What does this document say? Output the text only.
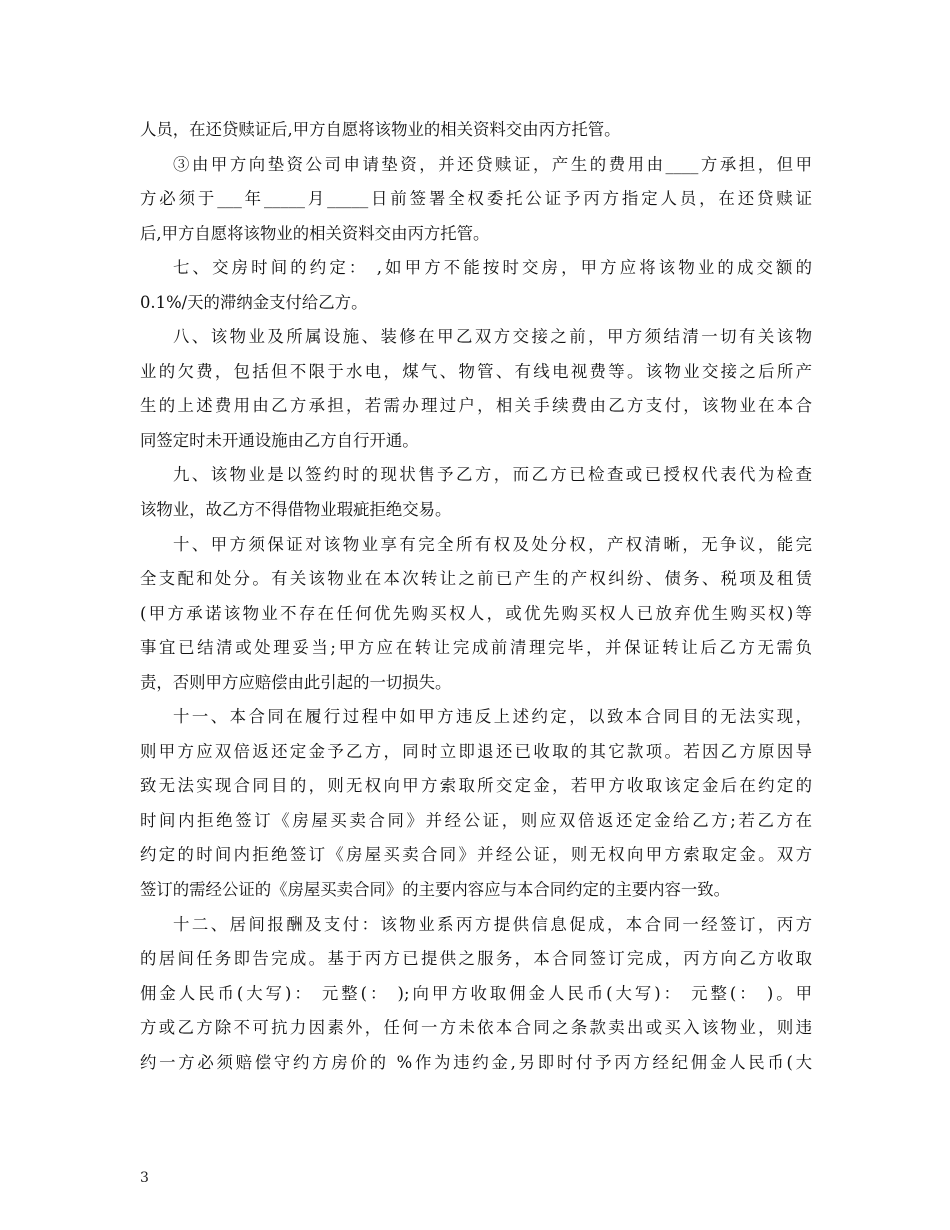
人员，在还贷赎证后,甲方自愿将该物业的相关资料交由丙方托管。
③由甲方向垫资公司申请垫资，并还贷赎证，产生的费用由____方承担，但甲
方必须于___年_____月_____日前签署全权委托公证予丙方指定人员，在还贷赎证
后,甲方自愿将该物业的相关资料交由丙方托管。
七、交房时间的约定： ,如甲方不能按时交房，甲方应将该物业的成交额的
0.1%/天的滞纳金支付给乙方。
八、该物业及所属设施、装修在甲乙双方交接之前，甲方须结清一切有关该物
业的欠费，包括但不限于水电，煤气、物管、有线电视费等。该物业交接之后所产
生的上述费用由乙方承担，若需办理过户，相关手续费由乙方支付，该物业在本合
同签定时未开通设施由乙方自行开通。
九、该物业是以签约时的现状售予乙方，而乙方已检查或已授权代表代为检查
该物业，故乙方不得借物业瑕疵拒绝交易。
十、甲方须保证对该物业享有完全所有权及处分权，产权清晰，无争议，能完
全支配和处分。有关该物业在本次转让之前已产生的产权纠纷、债务、税项及租赁
(甲方承诺该物业不存在任何优先购买权人，或优先购买权人已放弃优生购买权)等
事宜已结清或处理妥当;甲方应在转让完成前清理完毕，并保证转让后乙方无需负
责，否则甲方应赔偿由此引起的一切损失。
十一、本合同在履行过程中如甲方违反上述约定，以致本合同目的无法实现，
则甲方应双倍返还定金予乙方，同时立即退还已收取的其它款项。若因乙方原因导
致无法实现合同目的，则无权向甲方索取所交定金，若甲方收取该定金后在约定的
时间内拒绝签订《房屋买卖合同》并经公证，则应双倍返还定金给乙方;若乙方在
约定的时间内拒绝签订《房屋买卖合同》并经公证，则无权向甲方索取定金。双方
签订的需经公证的《房屋买卖合同》的主要内容应与本合同约定的主要内容一致。
十二、居间报酬及支付：该物业系丙方提供信息促成，本合同一经签订，丙方
的居间任务即告完成。基于丙方已提供之服务，本合同签订完成，丙方向乙方收取
佣金人民币(大写)： 元整(： );向甲方收取佣金人民币(大写)： 元整(： )。甲
方或乙方除不可抗力因素外，任何一方未依本合同之条款卖出或买入该物业，则违
约一方必须赔偿守约方房价的 %作为违约金,另即时付予丙方经纪佣金人民币(大
3
